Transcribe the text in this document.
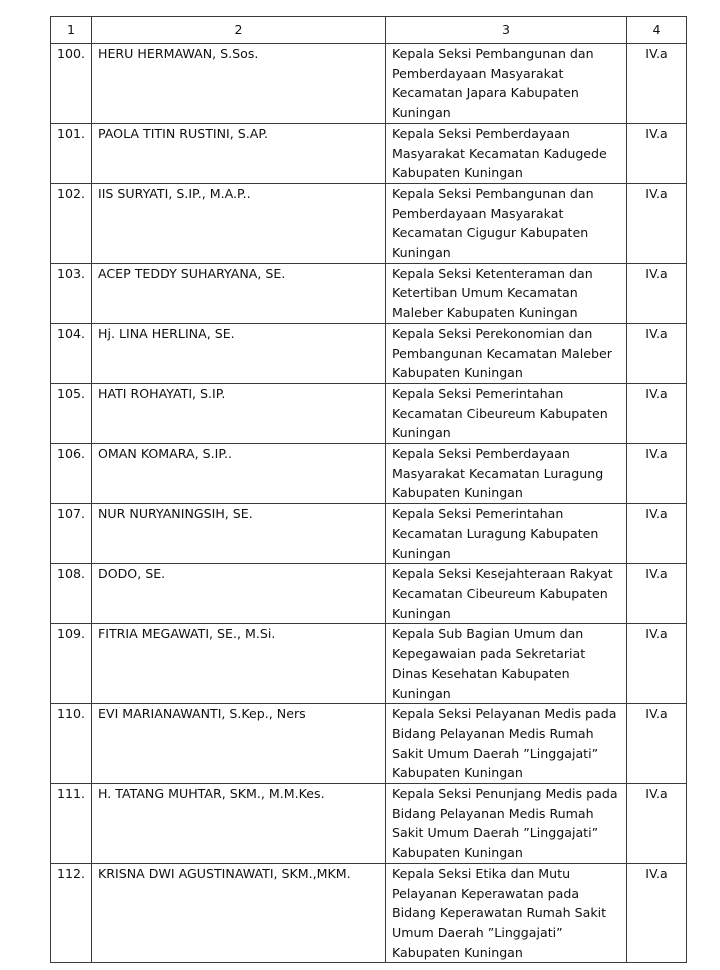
1	2	3	4
100.	HERU HERMAWAN, S.Sos.	Kepala Seksi Pembangunan dan Pemberdayaan Masyarakat Kecamatan Japara Kabupaten Kuningan	IV.a
101.	PAOLA TITIN RUSTINI, S.AP.	Kepala Seksi Pemberdayaan Masyarakat Kecamatan Kadugede Kabupaten Kuningan	IV.a
102.	IIS SURYATI, S.IP., M.A.P..	Kepala Seksi Pembangunan dan Pemberdayaan Masyarakat Kecamatan Cigugur Kabupaten Kuningan	IV.a
103.	ACEP TEDDY SUHARYANA, SE.	Kepala Seksi Ketenteraman dan Ketertiban Umum Kecamatan Maleber Kabupaten Kuningan	IV.a
104.	Hj. LINA HERLINA, SE.	Kepala Seksi Perekonomian dan Pembangunan Kecamatan Maleber Kabupaten Kuningan	IV.a
105.	HATI ROHAYATI, S.IP.	Kepala Seksi Pemerintahan Kecamatan Cibeureum Kabupaten Kuningan	IV.a
106.	OMAN KOMARA, S.IP..	Kepala Seksi Pemberdayaan Masyarakat Kecamatan Luragung Kabupaten Kuningan	IV.a
107.	NUR NURYANINGSIH, SE.	Kepala Seksi Pemerintahan Kecamatan Luragung Kabupaten Kuningan	IV.a
108.	DODO, SE.	Kepala Seksi Kesejahteraan Rakyat Kecamatan Cibeureum Kabupaten Kuningan	IV.a
109.	FITRIA MEGAWATI, SE., M.Si.	Kepala Sub Bagian Umum dan Kepegawaian pada Sekretariat Dinas Kesehatan Kabupaten Kuningan	IV.a
110.	EVI MARIANAWANTI, S.Kep., Ners	Kepala Seksi Pelayanan Medis pada Bidang Pelayanan Medis Rumah Sakit Umum Daerah ”Linggajati” Kabupaten Kuningan	IV.a
111.	H. TATANG MUHTAR, SKM., M.M.Kes.	Kepala Seksi Penunjang Medis pada Bidang Pelayanan Medis Rumah Sakit Umum Daerah ”Linggajati” Kabupaten Kuningan	IV.a
112.	KRISNA DWI AGUSTINAWATI, SKM.,MKM.	Kepala Seksi Etika dan Mutu Pelayanan Keperawatan pada Bidang Keperawatan Rumah Sakit Umum Daerah ”Linggajati” Kabupaten Kuningan	IV.a
